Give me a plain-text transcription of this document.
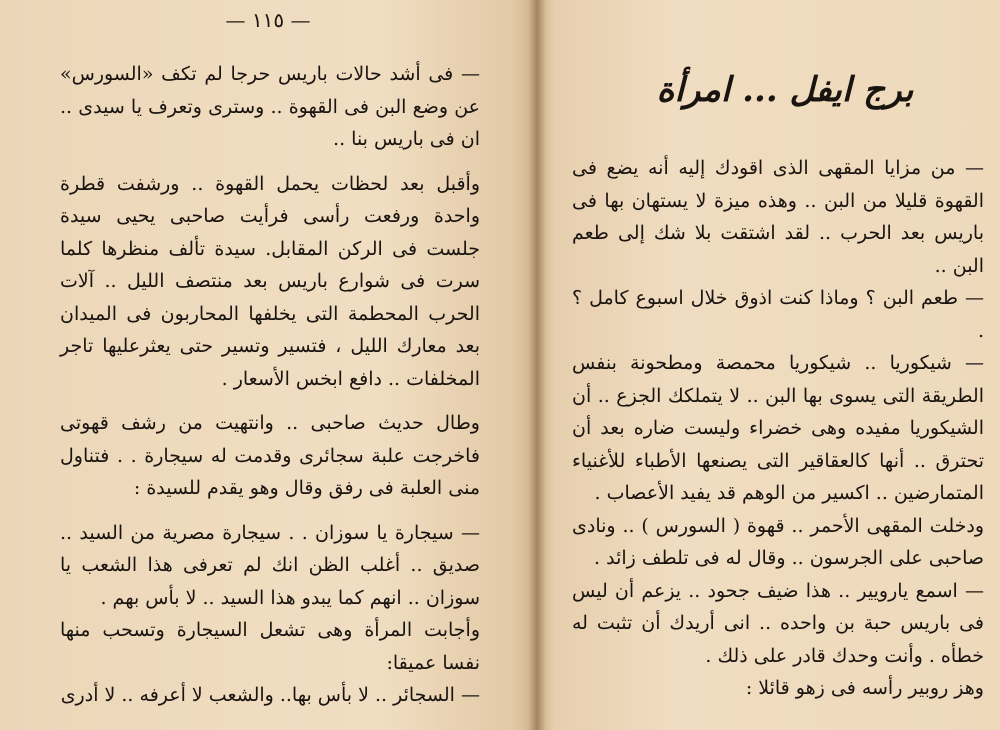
— ١١٥ —

— فى أشد حالات باريس حرجا لم تكف «السورس» عن وضع البن فى القهوة .. وسترى وتعرف يا سيدى .. ان فى باريس بنا ..

وأقبل بعد لحظات يحمل القهوة .. ورشفت قطرة واحدة ورفعت رأسى فرأيت صاحبى يحيى سيدة جلست فى الركن المقابل. سيدة تألف منظرها كلما سرت فى شوارع باريس بعد منتصف الليل .. آلات الحرب المحطمة التى يخلفها المحاربون فى الميدان بعد معارك الليل ، فتسير وتسير حتى يعثرعليها تاجر المخلفات .. دافع ابخس الأسعار .

وطال حديث صاحبى .. وانتهيت من رشف قهوتى فاخرجت علبة سجائرى وقدمت له سيجارة . . فتناول منى العلبة فى رفق وقال وهو يقدم للسيدة :

— سيجارة يا سوزان . . سيجارة مصرية من السيد .. صديق .. أغلب الظن انك لم تعرفى هذا الشعب يا سوزان .. انهم كما يبدو هذا السيد .. لا بأس بهم .

وأجابت المرأة وهى تشعل السيجارة وتسحب منها نفسا عميقا:

— السجائر .. لا بأس بها.. والشعب لا أعرفه .. لا أدرى

برج ايفل ... امرأة

— من مزايا المقهى الذى اقودك إليه أنه يضع فى القهوة قليلا من البن .. وهذه ميزة لا يستهان بها فى باريس بعد الحرب .. لقد اشتقت بلا شك إلى طعم البن ..

— طعم البن ؟ وماذا كنت اذوق خلال اسبوع كامل ؟ .

— شيكوريا .. شيكوريا محمصة ومطحونة بنفس الطريقة التى يسوى بها البن .. لا يتملكك الجزع .. أن الشيكوريا مفيده وهى خضراء وليست ضاره بعد أن تحترق .. أنها كالعقاقير التى يصنعها الأطباء للأغنياء المتمارضين .. اكسير من الوهم قد يفيد الأعصاب .

ودخلت المقهى الأحمر .. قهوة ( السورس ) .. ونادى صاحبى على الجرسون .. وقال له فى تلطف زائد .

— اسمع يارويير .. هذا ضيف جحود .. يزعم أن ليس فى باريس حبة بن واحده .. انى أريدك أن تثبت له خطأه . وأنت وحدك قادر على ذلك .

وهز روبير رأسه فى زهو قائلا :
